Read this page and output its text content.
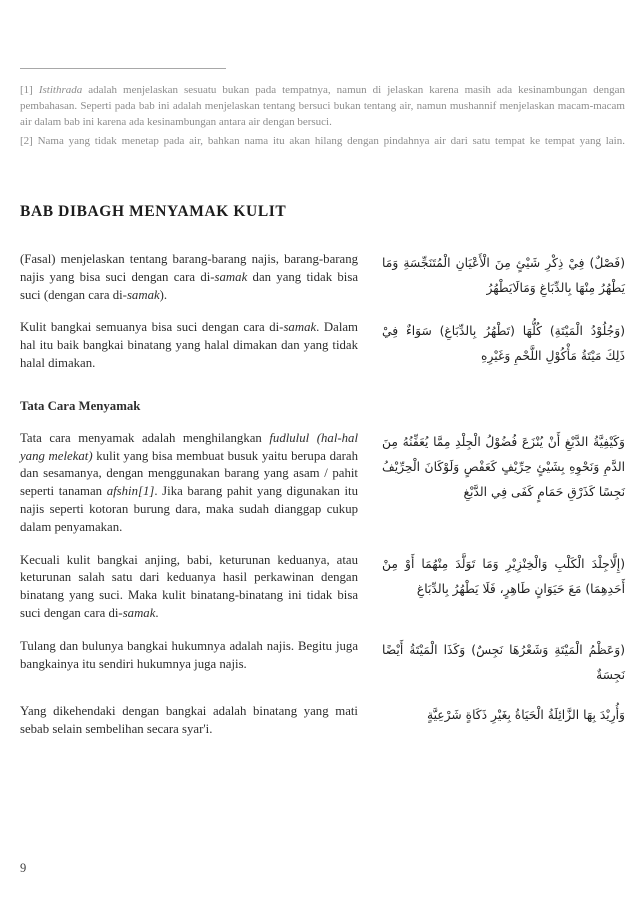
[1] Istithrada adalah menjelaskan sesuatu bukan pada tempatnya, namun di jelaskan karena masih ada kesinambungan dengan pembahasan. Seperti pada bab ini adalah menjelaskan tentang bersuci bukan tentang air, namun mushannif menjelaskan macam-macam air dalam bab ini karena ada kesinambungan antara air dengan bersuci.

[2] Nama yang tidak menetap pada air, bahkan nama itu akan hilang dengan pindahnya air dari satu tempat ke tempat yang lain.

BAB DIBAGH MENYAMAK KULIT

(Fasal) menjelaskan tentang barang-barang najis, barang-barang najis yang bisa suci dengan cara di-samak dan yang tidak bisa suci (dengan cara di-samak).

(فَصْلٌ) فِيْ ذِكْرِ شَيْئٍ مِنَ الْأَعْيَانِ الْمُتَنَجِّسَةِ وَمَا يَطْهُرُ مِنْهَا بِالدِّبَاغِ وَمَالَايَطْهُرُ

Kulit bangkai semuanya bisa suci dengan cara di-samak. Dalam hal itu baik bangkai binatang yang halal dimakan dan yang tidak halal dimakan.

(وَجُلُوْدُ الْمَيْتَةِ) كُلُّهَا (تَطْهُرُ بِالدِّبَاغِ) سَوَاءٌ فِيْ ذَلِكَ مَيْتَةُ مَأْكُوْلِ اللَّحْمِ وَغَيْرِهِ

Tata Cara Menyamak

Tata cara menyamak adalah menghilangkan fudlulul (hal-hal yang melekat) kulit yang bisa membuat busuk yaitu berupa darah dan sesamanya, dengan menggunakan barang yang asam / pahit seperti tanaman afshin[1]. Jika barang pahit yang digunakan itu najis seperti kotoran burung dara, maka sudah dianggap cukup dalam penyamakan.

وَكَيْفِيَّةُ الدَّبْغِ أَنْ يُنْزَعَ فُضُوْلُ الْجِلْدِ مِمَّا يُعَفِّنُهُ مِنَ الدَّمِ وَنَحْوِهِ بِشَيْئٍ حِرِّيْفٍ كَعَفْصٍ وَلَوْكَانَ الْحِرِّيْفُ نَجِسًا كَذَرْقِ حَمَامٍ كَفَى فِي الدَّبْغِ

Kecuali kulit bangkai anjing, babi, keturunan keduanya, atau keturunan salah satu dari keduanya hasil perkawinan dengan binatang yang suci. Maka kulit binatang-binatang ini tidak bisa suci dengan cara di-samak.

(إِلَّاجِلْدَ الْكَلْبِ وَالْخِنْزِيْرِ وَمَا تَوَلَّدَ مِنْهُمَا أَوْ مِنْ أَحَدِهِمَا) مَعَ حَيَوَانٍ طَاهِرٍ، فَلَا يَطْهُرُ بِالدِّبَاغِ

Tulang dan bulunya bangkai hukumnya adalah najis. Begitu juga bangkainya itu sendiri hukumnya juga najis.

(وَعَظْمُ الْمَيْتَةِ وَشَعْرُهَا نَجِسٌ) وَكَذَا الْمَيْتَةُ أَيْضًا نَجِسَةٌ

Yang dikehendaki dengan bangkai adalah binatang yang mati sebab selain sembelihan secara syar'i.

وَأُرِيْدَ بِهَا الزَّائِلَةُ الْحَيَاةُ بِغَيْرِ ذَكَاةٍ شَرْعِيَّةٍ

9
